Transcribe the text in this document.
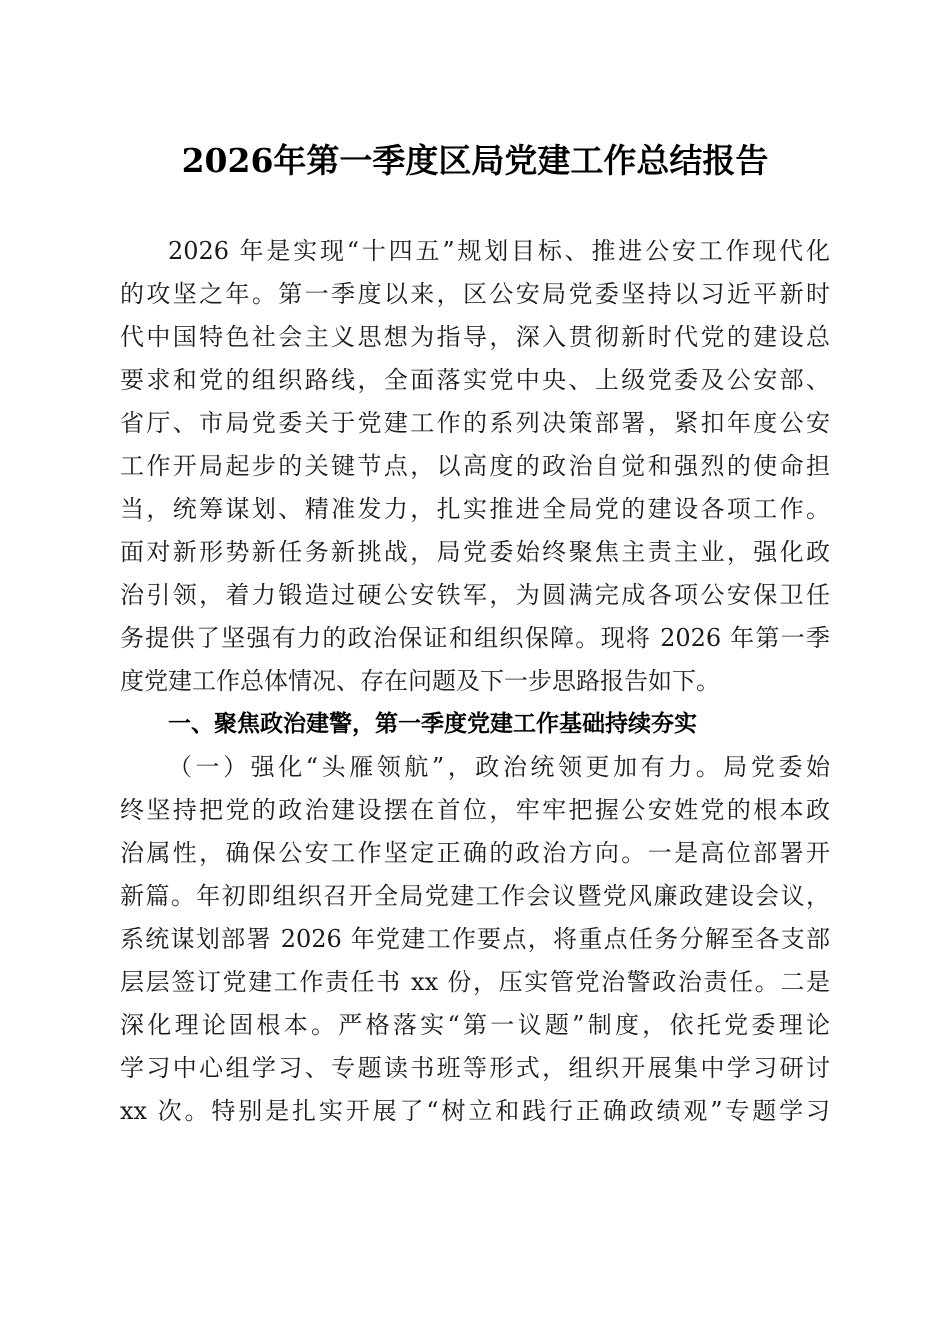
2026年第一季度区局党建工作总结报告
2026 年是实现“十四五”规划目标、推进公安工作现代化
的攻坚之年。第一季度以来，区公安局党委坚持以习近平新时
代中国特色社会主义思想为指导，深入贯彻新时代党的建设总
要求和党的组织路线，全面落实党中央、上级党委及公安部、
省厅、市局党委关于党建工作的系列决策部署，紧扣年度公安
工作开局起步的关键节点，以高度的政治自觉和强烈的使命担
当，统筹谋划、精准发力，扎实推进全局党的建设各项工作。
面对新形势新任务新挑战，局党委始终聚焦主责主业，强化政
治引领，着力锻造过硬公安铁军，为圆满完成各项公安保卫任
务提供了坚强有力的政治保证和组织保障。现将 2026 年第一季
度党建工作总体情况、存在问题及下一步思路报告如下。
一、聚焦政治建警，第一季度党建工作基础持续夯实
（一）强化“头雁领航”，政治统领更加有力。局党委始
终坚持把党的政治建设摆在首位，牢牢把握公安姓党的根本政
治属性，确保公安工作坚定正确的政治方向。一是高位部署开
新篇。年初即组织召开全局党建工作会议暨党风廉政建设会议，
系统谋划部署 2026 年党建工作要点，将重点任务分解至各支部
层层签订党建工作责任书 xx 份，压实管党治警政治责任。二是
深化理论固根本。严格落实“第一议题”制度，依托党委理论
学习中心组学习、专题读书班等形式，组织开展集中学习研讨
xx 次。特别是扎实开展了“树立和践行正确政绩观”专题学习
